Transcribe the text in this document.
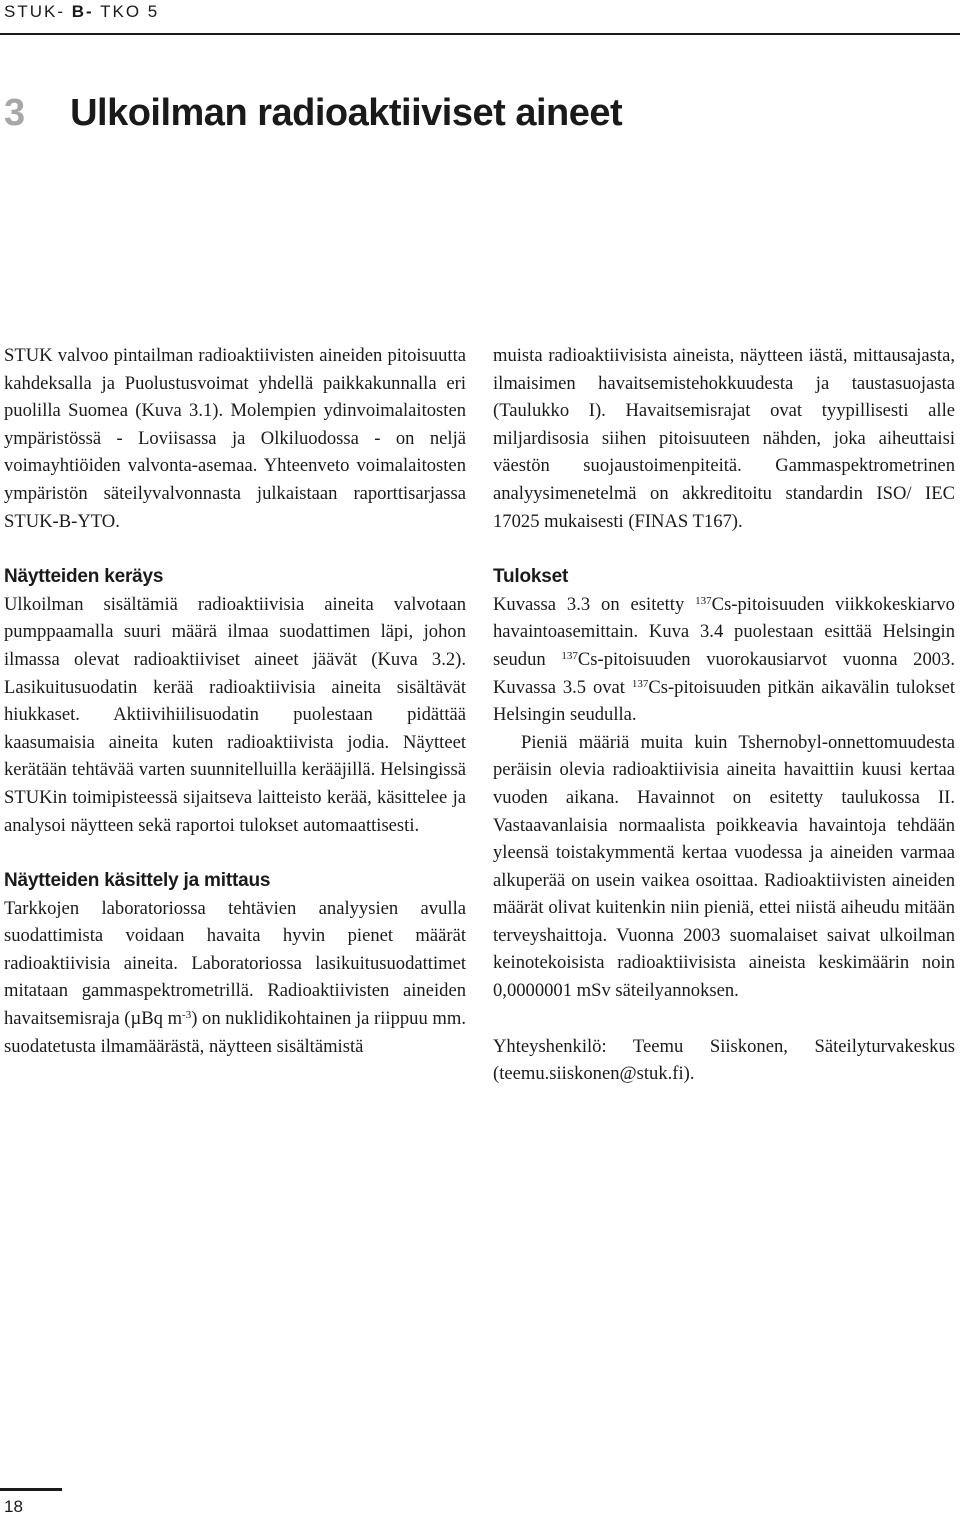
STUK- B- TKO 5
3 Ulkoilman radioaktiiviset aineet

STUK valvoo pintailman radioaktiivisten aineiden pitoisuutta kahdeksalla ja Puolustusvoimat yhdellä paikkakunnalla eri puolilla Suomea (Kuva 3.1). Molempien ydinvoimalaitosten ympäristössä - Loviisassa ja Olkiluodossa - on neljä voimayhtiöiden valvonta-asemaa. Yhteenveto voimalaitosten ympäristön säteilyvalvonnasta julkaistaan raporttisarjassa STUK-B-YTO.

Näytteiden keräys

Ulkoilman sisältämiä radioaktiivisia aineita valvotaan pumppaamalla suuri määrä ilmaa suodattimen läpi, johon ilmassa olevat radioaktiiviset aineet jäävät (Kuva 3.2). Lasikuitusuodatin kerää radioaktiivisia aineita sisältävät hiukkaset. Aktiivihiilisuodatin puolestaan pidättää kaasumaisia aineita kuten radioaktiivista jodia. Näytteet kerätään tehtävää varten suunnitelluilla kerääjillä. Helsingissä STUKin toimipisteessä sijaitseva laitteisto kerää, käsittelee ja analysoi näytteen sekä raportoi tulokset automaattisesti.

Näytteiden käsittely ja mittaus

Tarkkojen laboratoriossa tehtävien analyysien avulla suodattimista voidaan havaita hyvin pienet määrät radioaktiivisia aineita. Laboratoriossa lasikuitusuodattimet mitataan gammaspektrometrillä. Radioaktiivisten aineiden havaitsemisraja (µBq $m^{-3}$) on nuklidikohtainen ja riippuu mm. suodatetusta ilmamäärästä, näytteen sisältämistä

muista radioaktiivisista aineista, näytteen iästä, mittausajasta, ilmaisimen havaitsemistehokkuudesta ja taustasuojasta (Taulukko I). Havaitsemisrajat ovat tyypillisesti alle miljardisosia siihen pitoisuuteen nähden, joka aiheuttaisi väestön suojaustoimenpiteitä. Gammaspektrometrinen analyysimenetelmä on akkreditoitu standardin ISO/ IEC 17025 mukaisesti (FINAS T167).

Tulokset

Kuvassa 3.3 on esitetty $^{137}$Cs-pitoisuuden viikkokeskiarvo havaintoasemittain. Kuva 3.4 puolestaan esittää Helsingin seudun $^{137}$Cs-pitoisuuden vuorokausiarvot vuonna 2003. Kuvassa 3.5 ovat $^{137}$Cs-pitoisuuden pitkän aikavälin tulokset Helsingin seudulla.

Pieniä määriä muita kuin Tshernobyl-onnettomuudesta peräisin olevia radioaktiivisia aineita havaittiin kuusi kertaa vuoden aikana. Havainnot on esitetty taulukossa II. Vastaavanlaisia normaalista poikkeavia havaintoja tehdään yleensä toistakymmentä kertaa vuodessa ja aineiden varmaa alkuperää on usein vaikea osoittaa. Radioaktiivisten aineiden määrät olivat kuitenkin niin pieniä, ettei niistä aiheudu mitään terveyshaittoja. Vuonna 2003 suomalaiset saivat ulkoilman keinotekoisista radioaktiivisista aineista keskimäärin noin 0,0000001 mSv säteilyannoksen.

Yhteyshenkilö: Teemu Siiskonen, Säteilyturvakeskus (teemu.siiskonen@stuk.fi).

18
